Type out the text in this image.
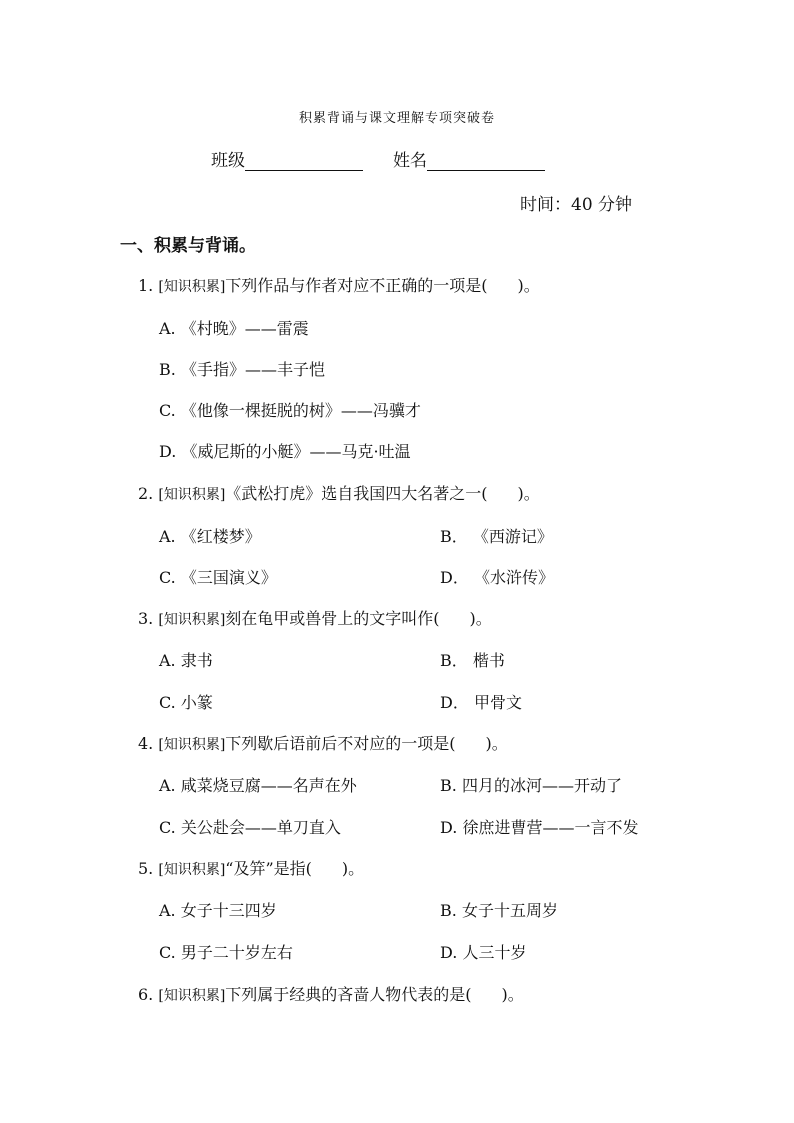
积累背诵与课文理解专项突破卷
班级	姓名
时间：40 分钟
一、积累与背诵。
1. [知识积累]下列作品与作者对应不正确的一项是( )。
A. 《村晚》——雷震
B. 《手指》——丰子恺
C. 《他像一棵挺脱的树》——冯骥才
D. 《威尼斯的小艇》——马克·吐温
2. [知识积累]《武松打虎》选自我国四大名著之一( )。
A. 《红楼梦》	B． 《西游记》
C. 《三国演义》	D． 《水浒传》
3. [知识积累]刻在龟甲或兽骨上的文字叫作( )。
A. 隶书	B． 楷书
C. 小篆	D． 甲骨文
4. [知识积累]下列歇后语前后不对应的一项是( )。
A. 咸菜烧豆腐——名声在外	B. 四月的冰河——开动了
C. 关公赴会——单刀直入	D. 徐庶进曹营——一言不发
5. [知识积累]“及笄”是指( )。
A. 女子十三四岁	B. 女子十五周岁
C. 男子二十岁左右	D. 人三十岁
6. [知识积累]下列属于经典的吝啬人物代表的是( )。
